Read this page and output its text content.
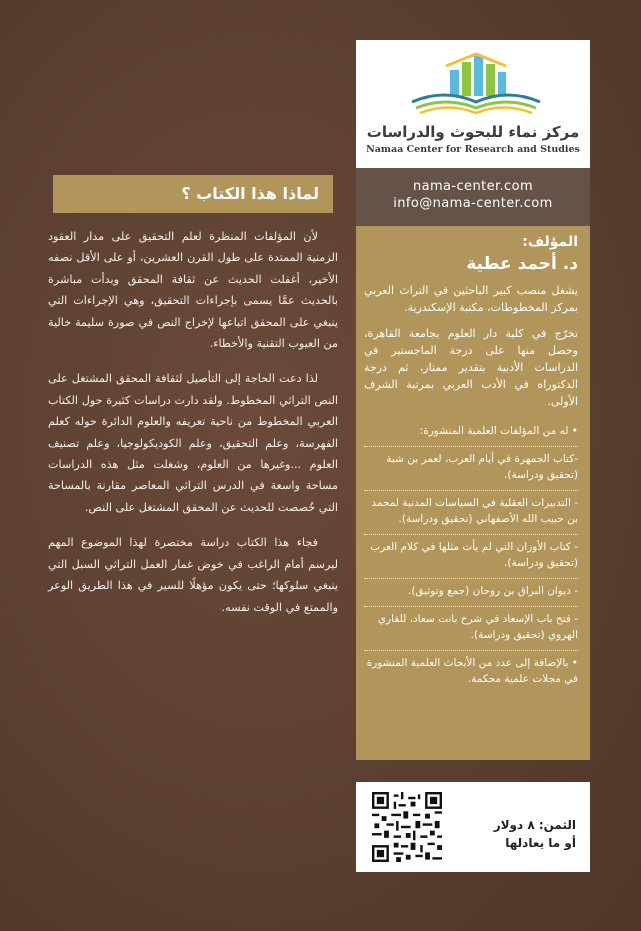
مركز نماء للبحوث والدراسات
Namaa Center for Research and Studies
nama-center.com
info@nama-center.com
المؤلف:
د. أحمد عطية

يشغل منصب كبير الباحثين في التراث العربي بمركز المخطوطات، مكتبة الإسكندرية.

تخرّج في كلية دار العلوم بجامعة القاهرة، وحصل منها على درجة الماجستير في الدراسات الأدبية بتقدير ممتاز، ثم درجة الدكتوراه في الأدب العربي بمرتبة الشرف الأولى.

• له من المؤلفات العلمية المنشورة:
-كتاب الجمهرة في أيام العرب، لعمر بن شبة (تحقيق ودراسة).
- التدبيرات العقلية في السياسات المدنية لمحمد بن حبيب الله الأصفهاني (تحقيق ودراسة).
- كتاب الأوزان التي لم يأت مثلها في كلام العرب (تحقيق ودراسة).
- ديوان البراق بن روحان (جمع وتوثيق).
- فتح باب الإسعاد في شرح بانت سعاد، للقاري الهروي (تحقيق ودراسة).
• بالإضافة إلى عدد من الأبحاث العلمية المنشورة في مجلات علمية محكمة.
الثمن: ٨ دولار
أو ما يعادلها
لماذا هذا الكتاب ؟

لأن المؤلفات المنظرة لعلم التحقيق على مدار العقود الزمنية الممتدة على طول القرن العشرين، أو على الأقل نصفه الأخير، أغفلت الحديث عن ثقافة المحقق وبدأت مباشرة بالحديث عمَّا يسمى بإجراءات التحقيق، وهي الإجراءات التي ينبغي على المحقق اتباعها لإخراج النص في صورة سليمة خالية من العيوب التقنية والأخطاء.

لذا دعت الحاجة إلى التأصيل لثقافة المحقق المشتغل على النص التراثي المخطوط. ولقد دارت دراسات كثيرة حول الكتاب العربي المخطوط من ناحية تعريفه والعلوم الدائرة حوله كعلم الفهرسة، وعلم التحقيق، وعلم الكوديكولوجيا، وعلم تصنيف العلوم ...وغيرها من العلوم، وشغلت مثل هذه الدراسات مساحة واسعة في الدرس التراثي المعاصر مقارنة بالمساحة التي خُصصت للحديث عن المحقق المشتغل على النص.

فجاء هذا الكتاب دراسة مختصرة لهذا الموضوع المهم ليرسم أمام الراغب في خوض غمار العمل التراثي السبل التي ينبغي سلوكها؛ حتى يكون مؤهلًا للسير في هذا الطريق الوعر والممتع في الوقت نفسه.
